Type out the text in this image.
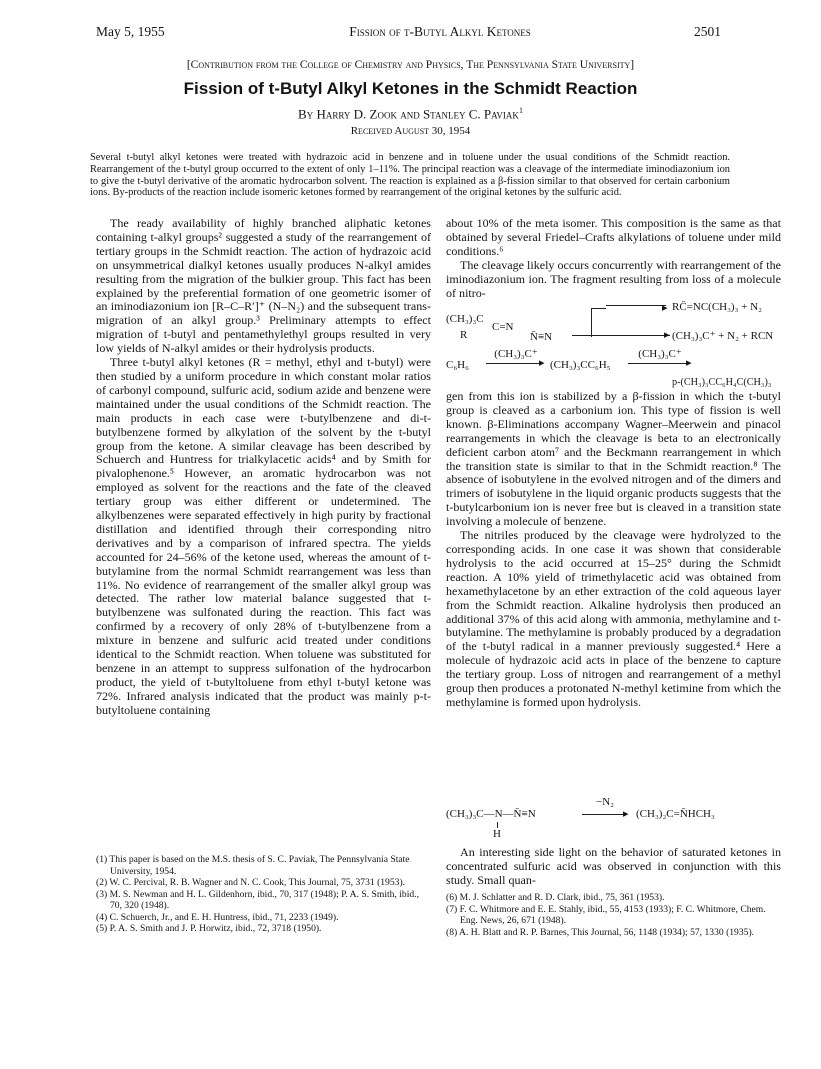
May 5, 1955	Fission of t-Butyl Alkyl Ketones	2501
[Contribution from the College of Chemistry and Physics, The Pennsylvania State University]
Fission of t-Butyl Alkyl Ketones in the Schmidt Reaction
By Harry D. Zook and Stanley C. Paviak$^1$
Received August 30, 1954
Several t-butyl alkyl ketones were treated with hydrazoic acid in benzene and in toluene under the usual conditions of the Schmidt reaction. Rearrangement of the t-butyl group occurred to the extent of only 1–11%. The principal reaction was a cleavage of the intermediate iminodiazonium ion to give the t-butyl derivative of the aromatic hydrocarbon solvent. The reaction is explained as a β-fission similar to that observed for certain carbonium ions. By-products of the reaction include isomeric ketones formed by rearrangement of the original ketones by the sulfuric acid.

The ready availability of highly branched aliphatic ketones containing t-alkyl groups² suggested a study of the rearrangement of tertiary groups in the Schmidt reaction. The action of hydrazoic acid on unsymmetrical dialkyl ketones usually produces N-alkyl amides resulting from the migration of the bulkier group. This fact has been explained by the preferential formation of one geometric isomer of an iminodiazonium ion [R–C–R′]⁺ (N–N₂) and the subsequent trans-migration of an alkyl group.³ Preliminary attempts to effect migration of t-butyl and pentamethylethyl groups resulted in very low yields of N-alkyl amides or their hydrolysis products.

Three t-butyl alkyl ketones (R = methyl, ethyl and t-butyl) were then studied by a uniform procedure in which constant molar ratios of carbonyl compound, sulfuric acid, sodium azide and benzene were maintained under the usual conditions of the Schmidt reaction. The main products in each case were t-butylbenzene and di-t-butylbenzene formed by alkylation of the solvent by the t-butyl group from the ketone. A similar cleavage has been described by Schuerch and Huntress for trialkylacetic acids⁴ and by Smith for pivalophenone.⁵ However, an aromatic hydrocarbon was not employed as solvent for the reactions and the fate of the cleaved tertiary group was either different or undetermined. The alkylbenzenes were separated effectively in high purity by fractional distillation and identified through their corresponding nitro derivatives and by a comparison of infrared spectra. The yields accounted for 24–56% of the ketone used, whereas the amount of t-butylamine from the normal Schmidt rearrangement was less than 11%. No evidence of rearrangement of the smaller alkyl group was detected. The rather low material balance suggested that t-butylbenzene was sulfonated during the reaction. This fact was confirmed by a recovery of only 28% of t-butylbenzene from a mixture in benzene and sulfuric acid treated under conditions identical to the Schmidt reaction. When toluene was substituted for benzene in an attempt to suppress sulfonation of the hydrocarbon product, the yield of t-butyltoluene from ethyl t-butyl ketone was 72%. Infrared analysis indicated that the product was mainly p-t-butyltoluene containing

(1) This paper is based on the M.S. thesis of S. C. Paviak, The Pennsylvania State University, 1954.
(2) W. C. Percival, R. B. Wagner and N. C. Cook, This Journal, 75, 3731 (1953).
(3) M. S. Newman and H. L. Gildenhorn, ibid., 70, 317 (1948); P. A. S. Smith, ibid., 70, 320 (1948).
(4) C. Schuerch, Jr., and E. H. Huntress, ibid., 71, 2233 (1949).
(5) P. A. S. Smith and J. P. Horwitz, ibid., 72, 3718 (1950).

about 10% of the meta isomer. This composition is the same as that obtained by several Friedel–Crafts alkylations of toluene under mild conditions.⁶

The cleavage likely occurs concurrently with rearrangement of the iminodiazonium ion. The fragment resulting from loss of a molecule of nitro-

(CH₃)₃C
R
C=N
N̄≡N
▸ RC̄=NC(CH₃)₃ + N₂
▸ (CH₃)₃C⁺ + N₂ + RCN
C₆H₆
(CH₃)₃C⁺
▸ (CH₃)₃CC₆H₅
(CH₃)₃C⁺
▸
p-(CH₃)₃CC₆H₄C(CH₃)₃

gen from this ion is stabilized by a β-fission in which the t-butyl group is cleaved as a carbonium ion. This type of fission is well known. β-Eliminations accompany Wagner–Meerwein and pinacol rearrangements in which the cleavage is beta to an electronically deficient carbon atom⁷ and the Beckmann rearrangement in which the transition state is similar to that in the Schmidt reaction.⁸ The absence of isobutylene in the evolved nitrogen and of the dimers and trimers of isobutylene in the liquid organic products suggests that the t-butylcarbonium ion is never free but is cleaved in a transition state involving a molecule of benzene.

The nitriles produced by the cleavage were hydrolyzed to the corresponding acids. In one case it was shown that considerable hydrolysis to the acid occurred at 15–25° during the Schmidt reaction. A 10% yield of trimethylacetic acid was obtained from hexamethylacetone by an ether extraction of the cold aqueous layer from the Schmidt reaction. Alkaline hydrolysis then produced an additional 37% of this acid along with ammonia, methylamine and t-butylamine. The methylamine is probably produced by a degradation of the t-butyl radical in a manner previously suggested.⁴ Here a molecule of hydrazoic acid acts in place of the benzene to capture the tertiary group. Loss of nitrogen and rearrangement of a methyl group then produces a protonated N-methyl ketimine from which the methylamine is formed upon hydrolysis.

(CH₃)₃C—N—N̄≡N
H
−N₂
▸ (CH₃)₂C=N̄HCH₃

An interesting side light on the behavior of saturated ketones in concentrated sulfuric acid was observed in conjunction with this study. Small quan-

(6) M. J. Schlatter and R. D. Clark, ibid., 75, 361 (1953).
(7) F. C. Whitmore and E. E. Stahly, ibid., 55, 4153 (1933); F. C. Whitmore, Chem. Eng. News, 26, 671 (1948).
(8) A. H. Blatt and R. P. Barnes, This Journal, 56, 1148 (1934); 57, 1330 (1935).
